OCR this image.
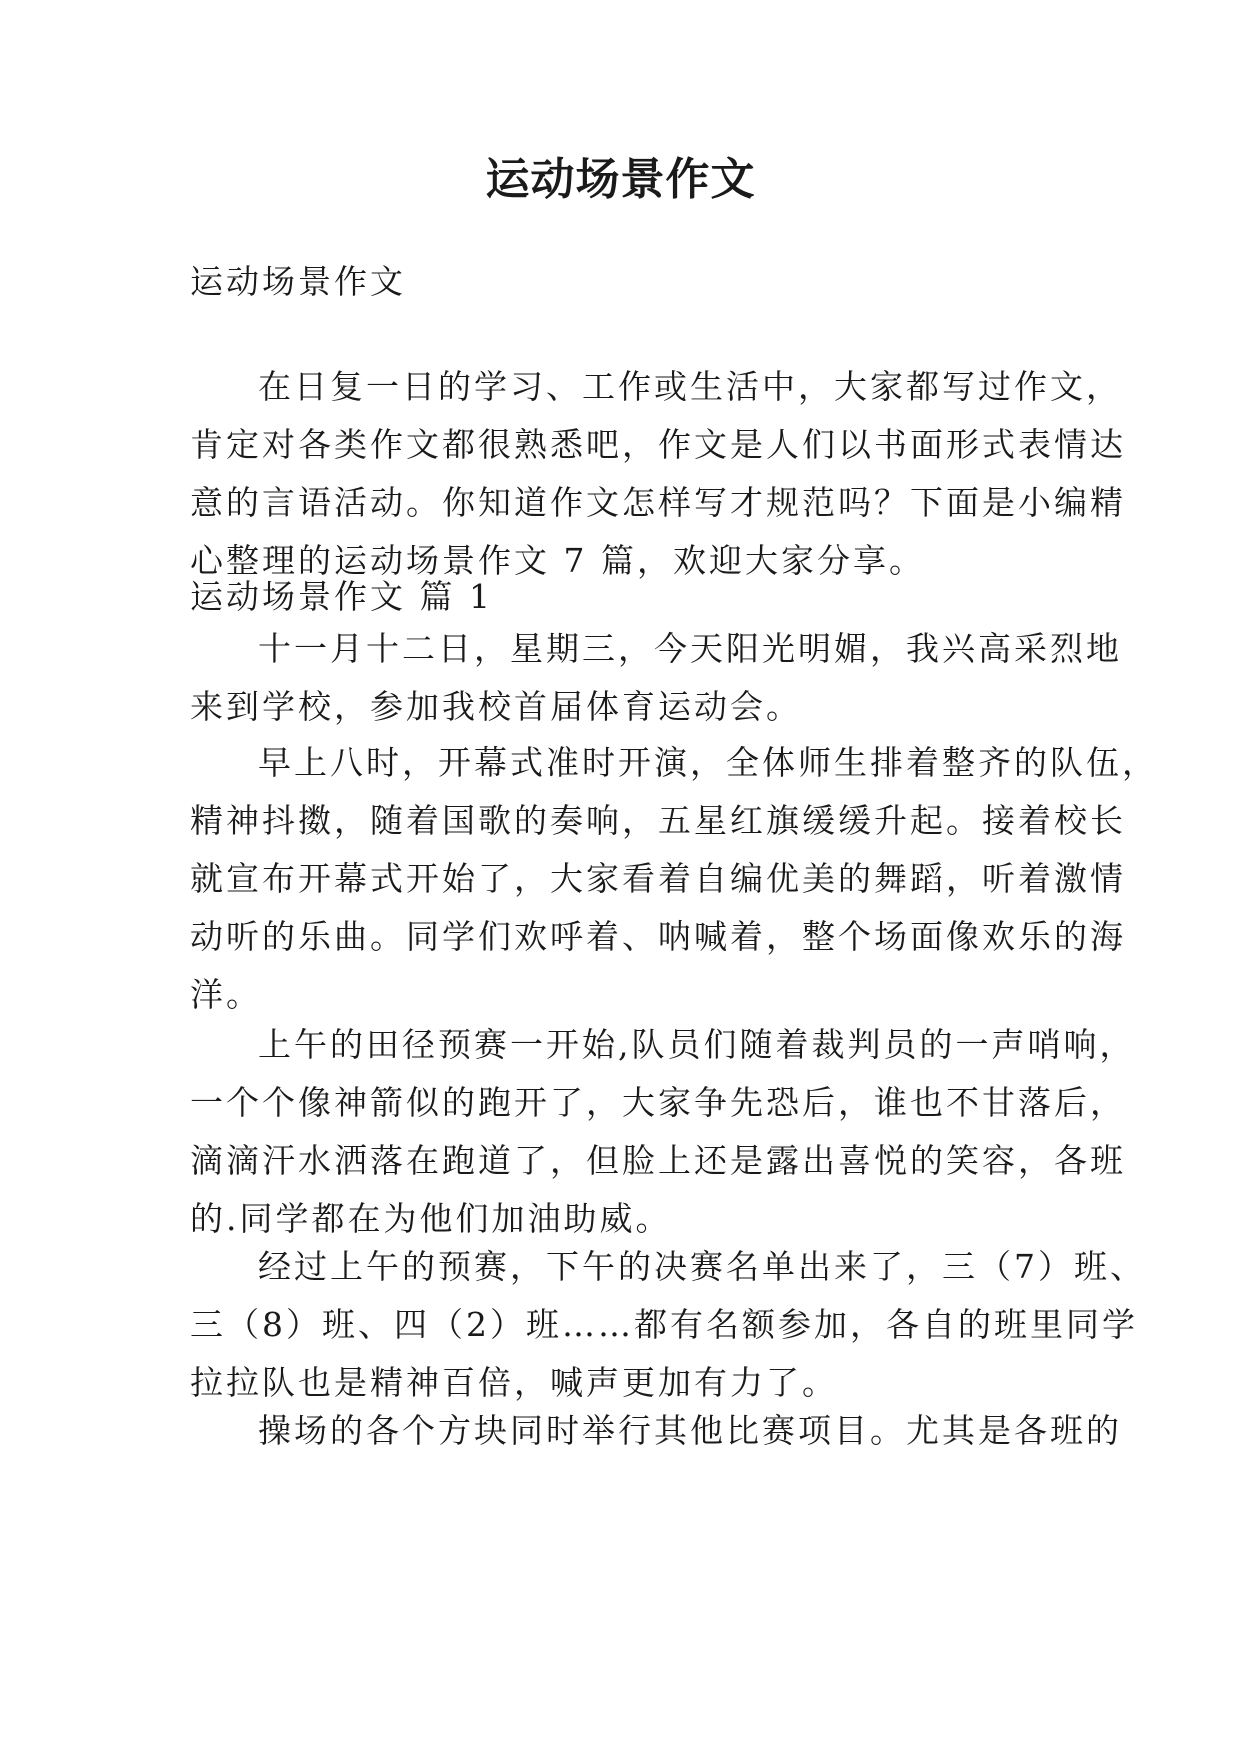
运动场景作文
运动场景作文
在日复一日的学习、工作或生活中，大家都写过作文，
肯定对各类作文都很熟悉吧，作文是人们以书面形式表情达
意的言语活动。你知道作文怎样写才规范吗？下面是小编精
心整理的运动场景作文 7 篇，欢迎大家分享。
运动场景作文 篇 1
十一月十二日，星期三，今天阳光明媚，我兴高采烈地
来到学校，参加我校首届体育运动会。
早上八时，开幕式准时开演，全体师生排着整齐的队伍，
精神抖擞，随着国歌的奏响，五星红旗缓缓升起。接着校长
就宣布开幕式开始了，大家看着自编优美的舞蹈，听着激情
动听的乐曲。同学们欢呼着、呐喊着，整个场面像欢乐的海
洋。
上午的田径预赛一开始,队员们随着裁判员的一声哨响，
一个个像神箭似的跑开了，大家争先恐后，谁也不甘落后，
滴滴汗水洒落在跑道了，但脸上还是露出喜悦的笑容，各班
的.同学都在为他们加油助威。
经过上午的预赛，下午的决赛名单出来了，三（7）班、
三（8）班、四（2）班……都有名额参加，各自的班里同学
拉拉队也是精神百倍，喊声更加有力了。
操场的各个方块同时举行其他比赛项目。尤其是各班的
